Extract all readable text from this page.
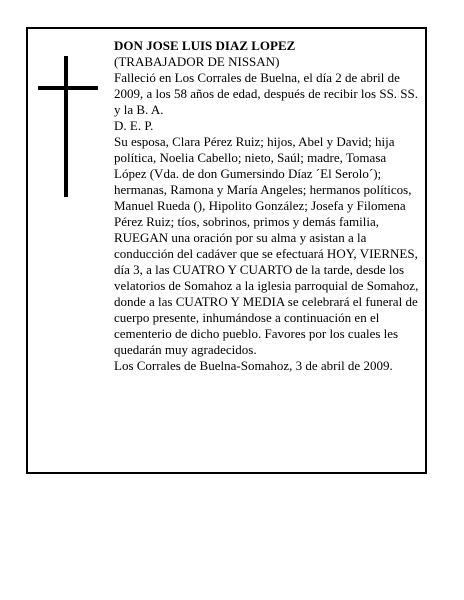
DON JOSE LUIS DIAZ LOPEZ

(TRABAJADOR DE NISSAN)

Falleció en Los Corrales de Buelna, el día 2 de abril de 2009, a los 58 años de edad, después de recibir los SS. SS. y la B. A.

D. E. P.

Su esposa, Clara Pérez Ruiz; hijos, Abel y David; hija política, Noelia Cabello; nieto, Saúl; madre, Tomasa López (Vda. de don Gumersindo Díaz ´El Serolo´); hermanas, Ramona y María Angeles; hermanos políticos, Manuel Rueda (), Hipolito González; Josefa y Filomena Pérez Ruiz; tíos, sobrinos, primos y demás familia,

RUEGAN una oración por su alma y asistan a la conducción del cadáver que se efectuará HOY, VIERNES, día 3, a las CUATRO Y CUARTO de la tarde, desde los velatorios de Somahoz a la iglesia parroquial de Somahoz, donde a las CUATRO Y MEDIA se celebrará el funeral de cuerpo presente, inhumándose a continuación en el cementerio de dicho pueblo. Favores por los cuales les quedarán muy agradecidos.

Los Corrales de Buelna-Somahoz, 3 de abril de 2009.
